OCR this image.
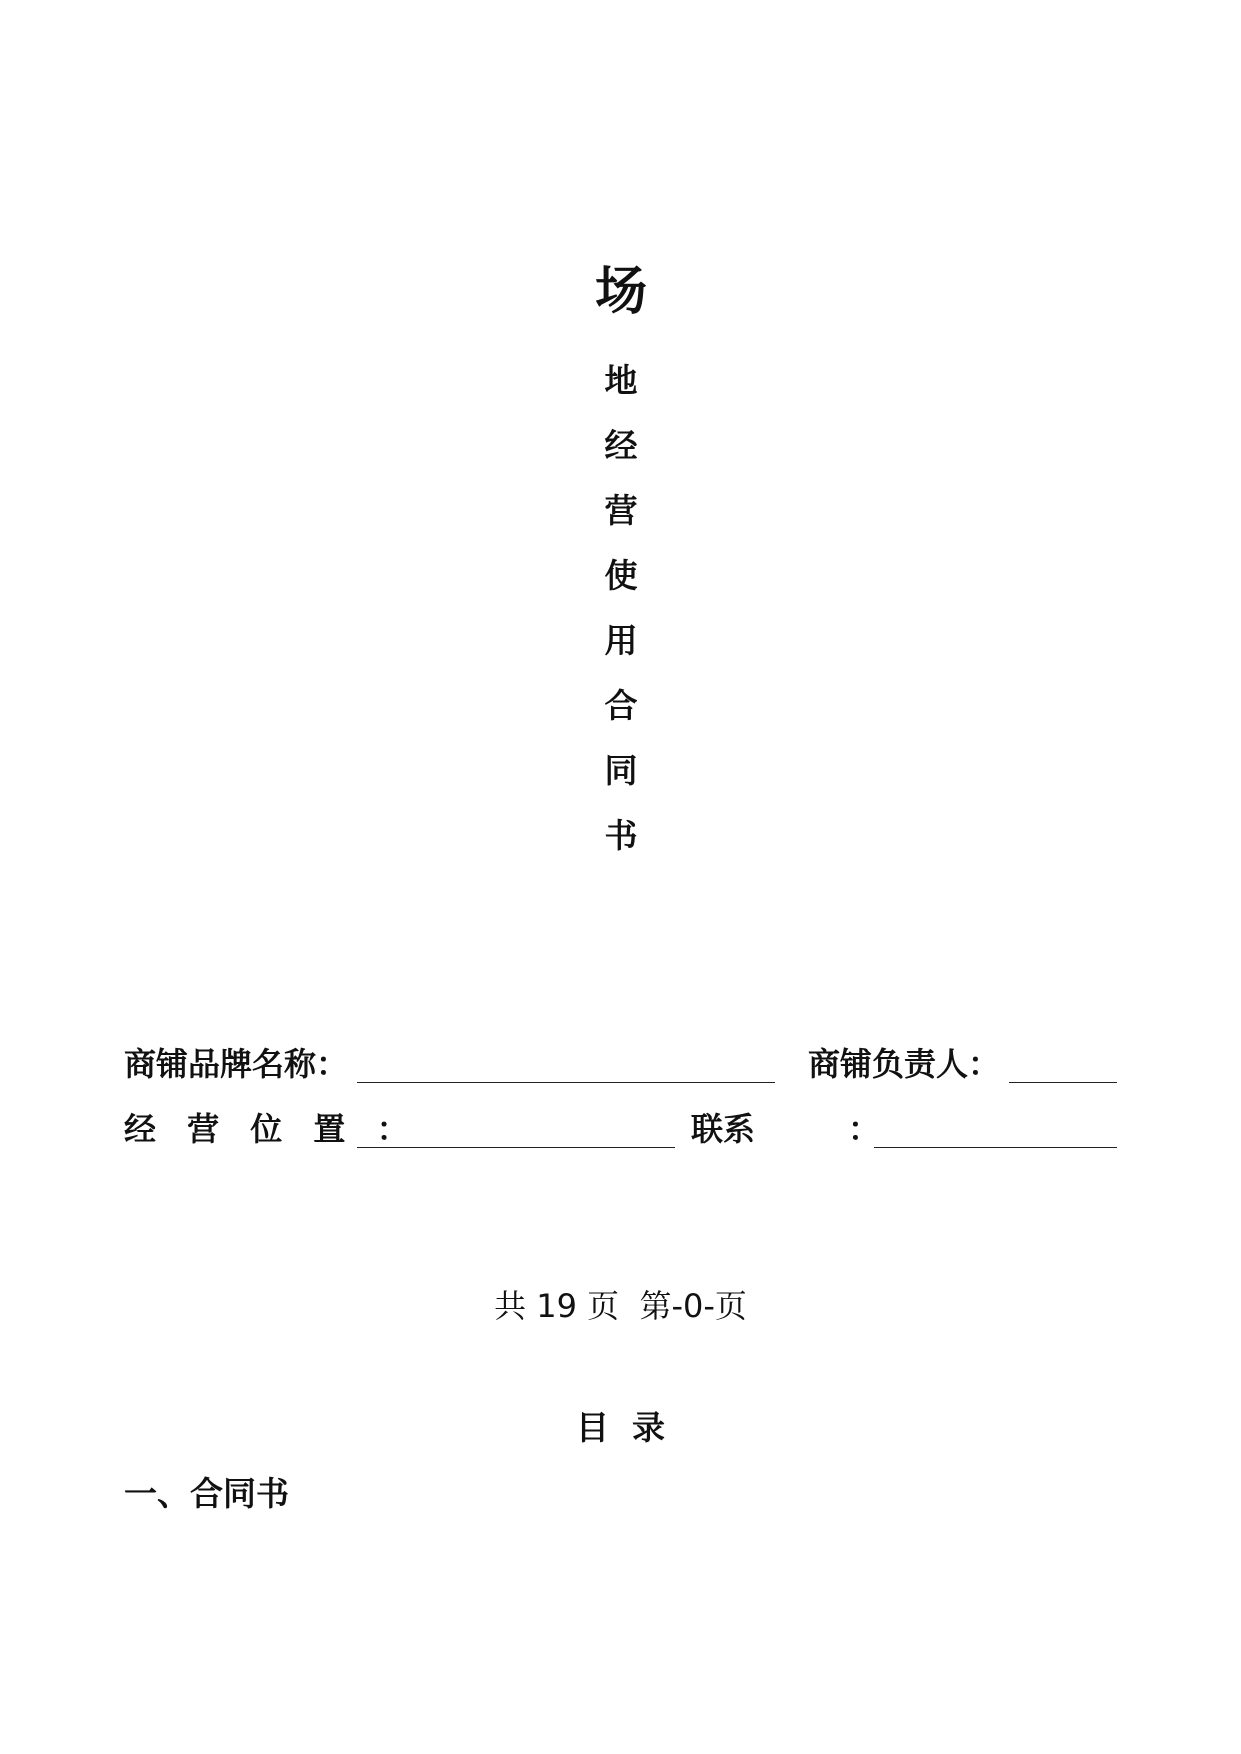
场
地
经
营
使
用
合
同
书
商铺品牌名称：	商铺负责人：
经 营 位 置 ：	联系	：
共 19 页  第-0-页
目  录
一、合同书
